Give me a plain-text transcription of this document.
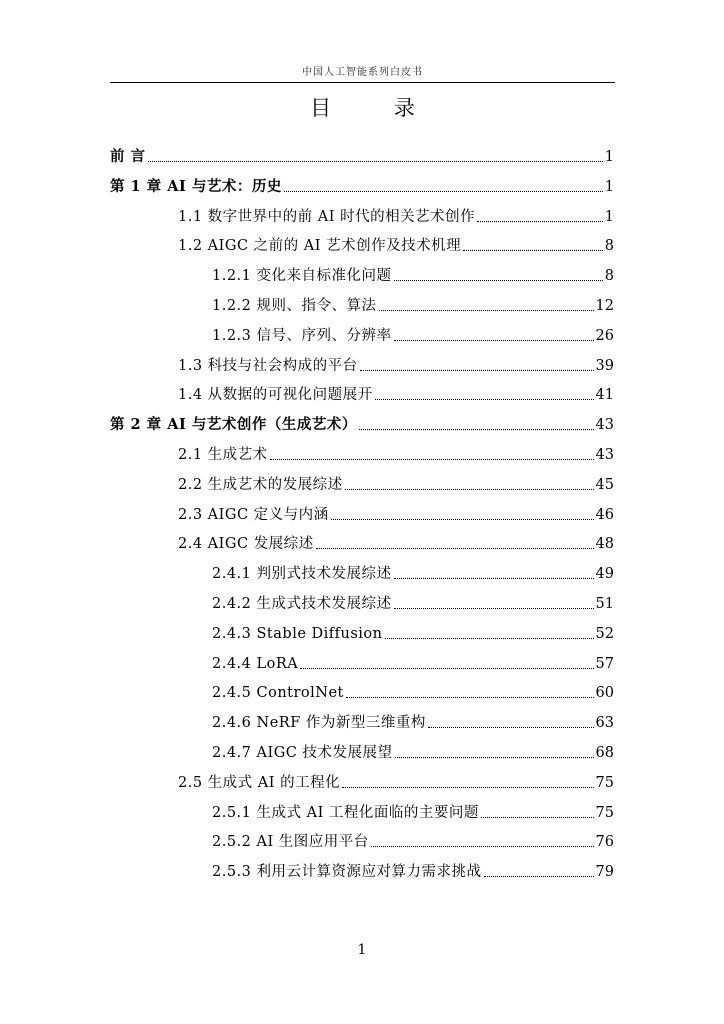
中国人工智能系列白皮书
目 录
前 言	1
第 1 章 AI 与艺术：历史	1
1.1 数字世界中的前 AI 时代的相关艺术创作	1
1.2 AIGC 之前的 AI 艺术创作及技术机理	8
1.2.1 变化来自标准化问题	8
1.2.2 规则、指令、算法	12
1.2.3 信号、序列、分辨率	26
1.3 科技与社会构成的平台	39
1.4 从数据的可视化问题展开	41
第 2 章 AI 与艺术创作（生成艺术）	43
2.1 生成艺术	43
2.2 生成艺术的发展综述	45
2.3 AIGC 定义与内涵	46
2.4 AIGC 发展综述	48
2.4.1 判别式技术发展综述	49
2.4.2 生成式技术发展综述	51
2.4.3 Stable Diffusion	52
2.4.4 LoRA	57
2.4.5 ControlNet	60
2.4.6 NeRF 作为新型三维重构	63
2.4.7 AIGC 技术发展展望	68
2.5 生成式 AI 的工程化	75
2.5.1 生成式 AI 工程化面临的主要问题	75
2.5.2 AI 生图应用平台	76
2.5.3 利用云计算资源应对算力需求挑战	79
1
